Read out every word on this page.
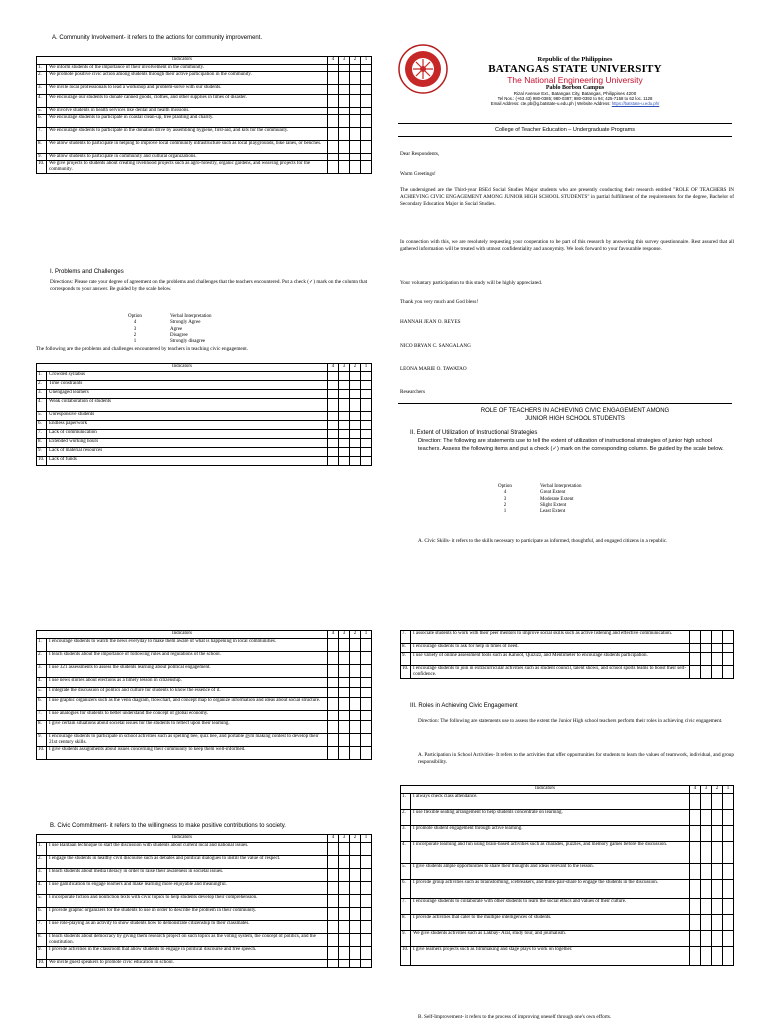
A. Community Involvement- it refers to the actions for community improvement.
Indicators		4	3	2	1
1.	We inform students of the importance of their involvement in the community.				
2.	We promote positive civic action among students through their active participation in the community.				
3.	We invite local professionals to lead a workshop and problem-solve with our students.				
4.	We encourage our students to donate canned goods, clothes, and other supplies in times of disaster.				
5.	We involve students in health services like dental and health missions.				
6.	We encourage students to participate in coastal clean-up, tree planting and charity.				
7.	We encourage students to participate in the donation drive by assembling hygiene, first-aid, and kits for the community.				
8.	We allow students to participate in helping to improve local community infrastructure such as local playgrounds, bike lanes, or benches.				
9.	We allow students to participate in community and cultural organizations.				
10.	We give projects to students about creating livelihood projects such as agro-forestry, organic gardens, and weaving projects for the community.				
I. Problems and Challenges
Directions: Please rate your degree of agreement on the problems and challenges that the teachers encountered. Put a check (✓) mark on the column that corresponds to your answer. Be guided by the scale below.
Option	Verbal Interpretation
4	Strongly Agree
3	Agree
2	Disagree
1	Strongly disagree
The following are the problems and challenges encountered by teachers in teaching civic engagement.
Indicators		4	3	2	1
1.	Crowded syllabus				
2.	Time constraints				
3.	Unengaged learners				
4.	Weak collaboration of students				
5.	Unresponsive students				
6.	Endless paperwork				
7.	Lack of communication				
8.	Extended working hours				
9.	Lack of material resources				
10.	Lack of funds				
Republic of the Philippines
BATANGAS STATE UNIVERSITY
The National Engineering University
Pablo Borbon Campus
Rizal Avenue Ext., Batangas City, Batangas, Philippines 4200
Tel Nos.: (+63 43) 980-0385; 980-0387; 980-0392 to 94; 425-7158 to 62 loc. 1128
Email Address: cte.pb@g.batstate-u.edu.ph | Website Address: https://batstate-u.edu.ph/
College of Teacher Education – Undergraduate Programs
Dear Respondents,
Warm Greetings!
The undersigned are the Third-year BSEd Social Studies Major students who are presently conducting their research entitled "ROLE OF TEACHERS IN ACHIEVING CIVIC ENGAGEMENT AMONG JUNIOR HIGH SCHOOL STUDENTS" in partial fulfillment of the requirements for the degree, Bachelor of Secondary Education Major in Social Studies.
In connection with this, we are resolutely requesting your cooperation to be part of this research by answering this survey questionnaire. Rest assured that all gathered information will be treated with utmost confidentiality and anonymity. We look forward to your favourable response.
Your voluntary participation to this study will be highly appreciated.
Thank you very much and God bless!
HANNAH JEAN O. REYES
NICO BRYAN C. SANGALANG
LEONA MARIE O. TAWATAO
Researchers
ROLE OF TEACHERS IN ACHIEVING CIVIC ENGAGEMENT AMONG JUNIOR HIGH SCHOOL STUDENTS
II. Extent of Utilization of Instructional Strategies
Direction: The following are statements use to tell the extent of utilization of instructional strategies of junior high school teachers. Assess the following items and put a check (✓) mark on the corresponding column. Be guided by the scale below.
Option	Verbal Interpretation
4	Great Extent
3	Moderate Extent
2	Slight Extent
1	Least Extent
A. Civic Skills- it refers to the skills necessary to participate as informed, thoughtful, and engaged citizens in a republic.
Indicators		4	3	2	1
1.	I encourage students to watch the news everyday to make them aware of what is happening in local communities.				
2.	I teach students about the importance of following rules and regulations of the school.				
3.	I use 321 assessments to assess the students learning about political engagement.				
4.	I use news stories about elections as a timely lesson in citizenship.				
5.	I integrate the discussion of politics and culture for students to know the essence of it.				
6.	I use graphic organizers such as the venn diagram, flowchart, and concept map to organize information and ideas about social structure.				
7.	I use analogies for students to better understand the concept of global economy.				
8.	I give certain situations about societal issues for the students to reflect upon their learning.				
9.	I encourage students to participate in school activities such as spelling bee, quiz bee, and portable gym making contest to develop their 21st century skills.				
10.	I give students assignments about issues concerning their community to keep them well-informed.				
B. Civic Commitment- it refers to the willingness to make positive contributions to society.
Indicators		4	3	2	1
1.	I use Balitaan technique to start the discussion with students about current local and national issues.				
2.	I engage the students in healthy civil discourse such as debates and political dialogues to instill the value of respect.				
3.	I teach students about media literacy in order to raise their awareness in societal issues.				
4.	I use gamification to engage learners and make learning more enjoyable and meaningful.				
5.	I incorporate fiction and nonfiction texts with civic topics to help students develop their comprehension.				
6.	I provide graphic organizers for the students to use in order to describe the problem in their community.				
7.	I use role-playing as an activity to show students how to demonstrate citizenship to their classmates.				
8.	I teach students about democracy by giving them research project on such topics as the voting system, the concept of politics, and the constitution.				
9.	I provide activities in the classroom that allow students to engage in political discourse and free speech.				
10.	We invite guest speakers to promote civic education in school.				
7.	I associate students to work with their peer mentors to improve social skills such as active listening and effective communication.				
8.	I encourage students to ask for help in times of need.				
9.	I use variety of online assessment tools such as Kahoot, Quizizz, and Mentimeter to encourage students participation.				
10.	I encourage students to join in extracurricular activities such as student council, talent shows, and school sports teams to boost their self-confidence.				
III. Roles in Achieving Civic Engagement
Direction: The following are statements use to assess the extent the Junior High school teachers perform their roles in achieving civic engagement.
A. Participation in School Activities- It refers to the activities that offer opportunities for students to learn the values of teamwork, individual, and group responsibility.
Indicators		4	3	2	1
1.	I always check class attendance.				
2.	I use flexible seating arrangement to help students concentrate on learning.				
3.	I promote student engagement through active learning.				
4.	I incorporate learning and fun using brain-based activities such as charades, puzzles, and memory games before the discussion.				
5.	I give students ample opportunities to share their thoughts and ideas relevant to the lesson.				
6.	I provide group activities such as brainstorming, icebreakers, and think-pair-share to engage the students in the discussion.				
7.	I encourage students to collaborate with other students to learn the social ethics and values of their culture.				
8.	I provide activities that cater to the multiple intelligences of students.				
9.	We give students activities such as Lakbay- Aral, study tour, and journalism.				
10.	I give learners projects such as filmmaking and stage plays to work on together.				
B. Self-Improvement- it refers to the process of improving oneself through one's own efforts.
